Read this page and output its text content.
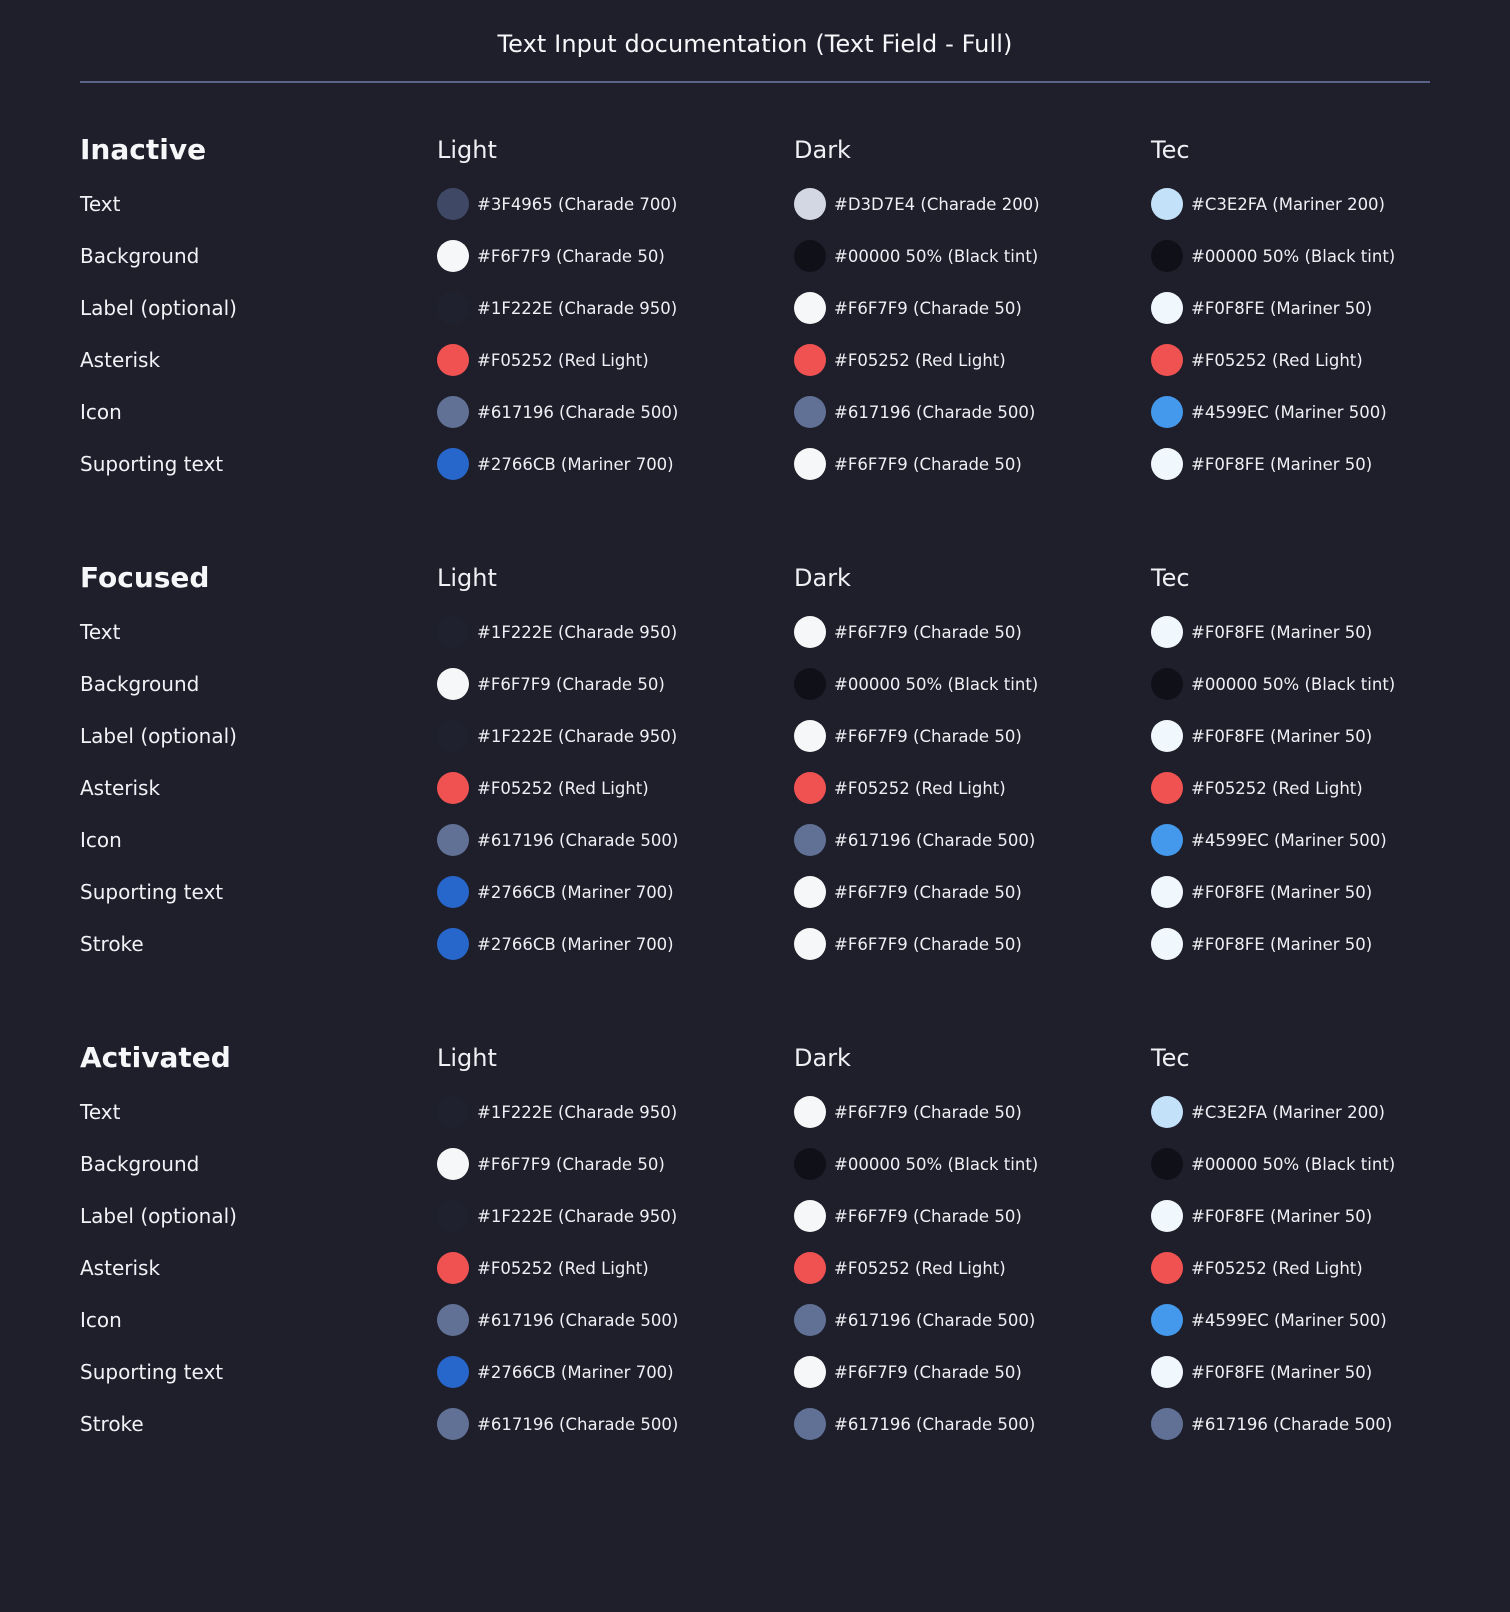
Text Input documentation (Text Field - Full)
Inactive	Light	Dark	Tec
Text	#3F4965 (Charade 700)	#D3D7E4 (Charade 200)	#C3E2FA (Mariner 200)
Background	#F6F7F9 (Charade 50)	#00000 50% (Black tint)	#00000 50% (Black tint)
Label (optional)	#1F222E (Charade 950)	#F6F7F9 (Charade 50)	#F0F8FE (Mariner 50)
Asterisk	#F05252 (Red Light)	#F05252 (Red Light)	#F05252 (Red Light)
Icon	#617196 (Charade 500)	#617196 (Charade 500)	#4599EC (Mariner 500)
Suporting text	#2766CB (Mariner 700)	#F6F7F9 (Charade 50)	#F0F8FE (Mariner 50)
Focused	Light	Dark	Tec
Text	#1F222E (Charade 950)	#F6F7F9 (Charade 50)	#F0F8FE (Mariner 50)
Background	#F6F7F9 (Charade 50)	#00000 50% (Black tint)	#00000 50% (Black tint)
Label (optional)	#1F222E (Charade 950)	#F6F7F9 (Charade 50)	#F0F8FE (Mariner 50)
Asterisk	#F05252 (Red Light)	#F05252 (Red Light)	#F05252 (Red Light)
Icon	#617196 (Charade 500)	#617196 (Charade 500)	#4599EC (Mariner 500)
Suporting text	#2766CB (Mariner 700)	#F6F7F9 (Charade 50)	#F0F8FE (Mariner 50)
Stroke	#2766CB (Mariner 700)	#F6F7F9 (Charade 50)	#F0F8FE (Mariner 50)
Activated	Light	Dark	Tec
Text	#1F222E (Charade 950)	#F6F7F9 (Charade 50)	#C3E2FA (Mariner 200)
Background	#F6F7F9 (Charade 50)	#00000 50% (Black tint)	#00000 50% (Black tint)
Label (optional)	#1F222E (Charade 950)	#F6F7F9 (Charade 50)	#F0F8FE (Mariner 50)
Asterisk	#F05252 (Red Light)	#F05252 (Red Light)	#F05252 (Red Light)
Icon	#617196 (Charade 500)	#617196 (Charade 500)	#4599EC (Mariner 500)
Suporting text	#2766CB (Mariner 700)	#F6F7F9 (Charade 50)	#F0F8FE (Mariner 50)
Stroke	#617196 (Charade 500)	#617196 (Charade 500)	#617196 (Charade 500)
